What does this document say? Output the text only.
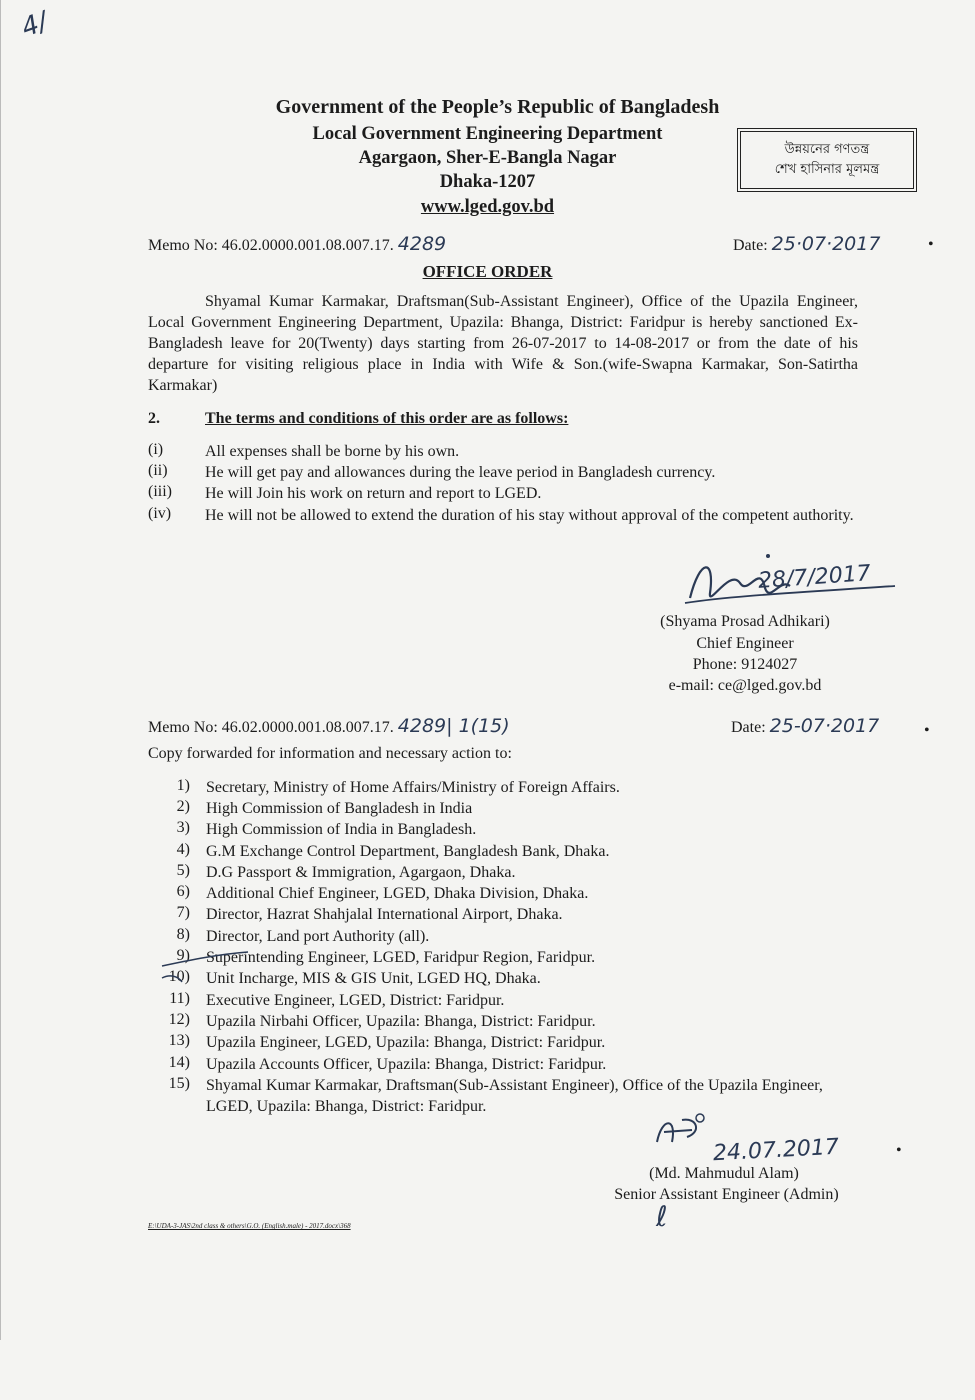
4/
Government of the People’s Republic of Bangladesh
Local Government Engineering Department
Agargaon, Sher-E-Bangla Nagar
Dhaka-1207
www.lged.gov.bd
উন্নয়নের গণতন্ত্র
শেখ হাসিনার মূলমন্ত্র
Memo No: 46.02.0000.001.08.007.17. 4289	Date: 25·07·2017	•
OFFICE ORDER
Shyamal Kumar Karmakar, Draftsman(Sub-Assistant Engineer), Office of the Upazila Engineer, Local Government Engineering Department, Upazila: Bhanga, District: Faridpur is hereby sanctioned Ex-Bangladesh leave for 20(Twenty) days starting from 26-07-2017 to 14-08-2017 or from the date of his departure for visiting religious place in India with Wife & Son.(wife-Swapna Karmakar, Son-Satirtha Karmakar)
2.	The terms and conditions of this order are as follows:
(i)	All expenses shall be borne by his own.
(ii) He will get pay and allowances during the leave period in Bangladesh currency.
(iii) He will Join his work on return and report to LGED.
(iv) He will not be allowed to extend the duration of his stay without approval of the competent authority.
28/7/2017
(Shyama Prosad Adhikari)
Chief Engineer
Phone: 9124027
e-mail: ce@lged.gov.bd
Memo No: 46.02.0000.001.08.007.17. 4289| 1(15)	Date: 25-07·2017	•
Copy forwarded for information and necessary action to:
1) Secretary, Ministry of Home Affairs/Ministry of Foreign Affairs.
2) High Commission of Bangladesh in India
3) High Commission of India in Bangladesh.
4) G.M Exchange Control Department, Bangladesh Bank, Dhaka.
5) D.G Passport & Immigration, Agargaon, Dhaka.
6) Additional Chief Engineer, LGED, Dhaka Division, Dhaka.
7) Director, Hazrat Shahjalal International Airport, Dhaka.
8) Director, Land port Authority (all).
9) Superintending Engineer, LGED, Faridpur Region, Faridpur.
10) Unit Incharge, MIS & GIS Unit, LGED HQ, Dhaka.
11) Executive Engineer, LGED, District: Faridpur.
12) Upazila Nirbahi Officer, Upazila: Bhanga, District: Faridpur.
13) Upazila Engineer, LGED, Upazila: Bhanga, District: Faridpur.
14) Upazila Accounts Officer, Upazila: Bhanga, District: Faridpur.
15) Shyamal Kumar Karmakar, Draftsman(Sub-Assistant Engineer), Office of the Upazila Engineer, LGED, Upazila: Bhanga, District: Faridpur.
24.07.2017	•
(Md. Mahmudul Alam)
Senior Assistant Engineer (Admin)
ℓ
E:\UDA-3-JAS\2nd class & others\G.O. (English.male) - 2017.docx\368
